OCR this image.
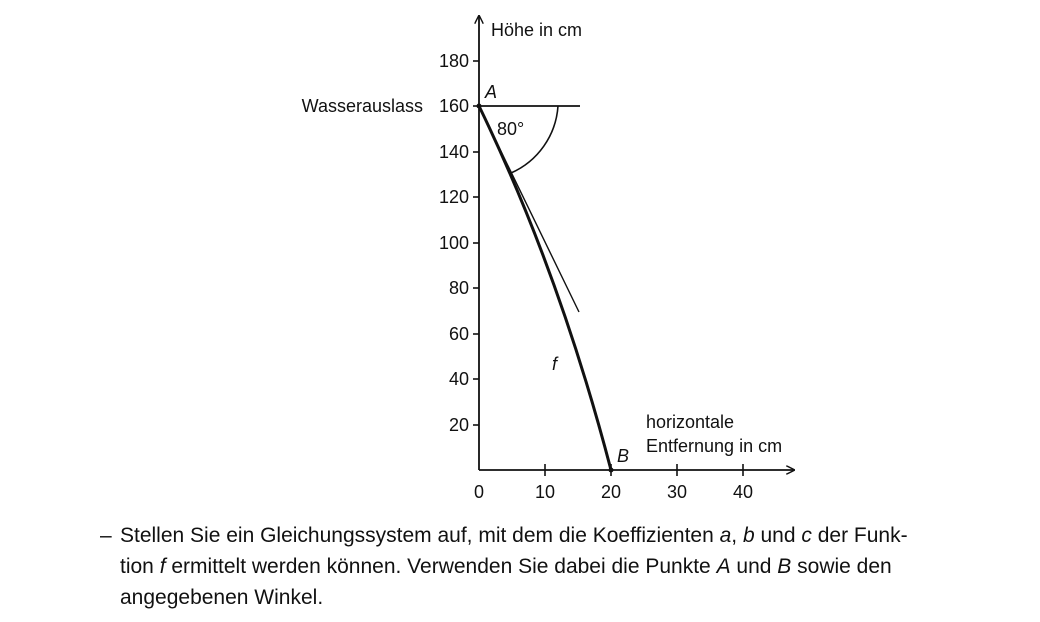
180
160
140
120
100
80
60
40
20
0	10	20	30	40
Höhe in cm
horizontale
Entfernung in cm
Wasserauslass
A
B
80°
f
– Stellen Sie ein Gleichungssystem auf, mit dem die Koeffizienten a, b und c der Funk-
tion f ermittelt werden können. Verwenden Sie dabei die Punkte A und B sowie den
angegebenen Winkel.
